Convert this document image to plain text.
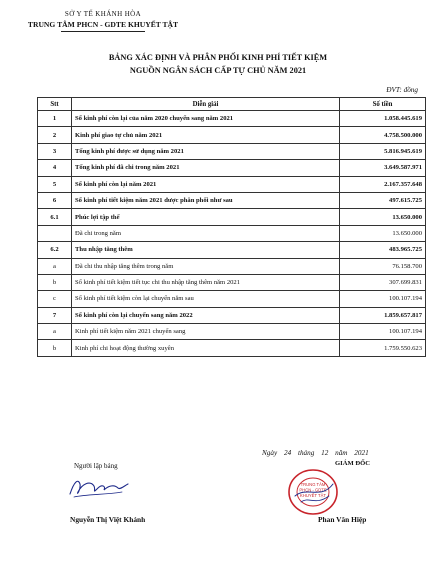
SỞ Y TẾ KHÁNH HÒA
TRUNG TÂM PHCN - GDTE KHUYẾT TẬT
BẢNG XÁC ĐỊNH VÀ PHÂN PHỐI KINH PHÍ TIẾT KIỆM
NGUỒN NGÂN SÁCH CẤP TỰ CHỦ NĂM 2021
ĐVT: đồng
Stt	Diễn giải	Số tiền
1	Số kinh phí còn lại của năm 2020 chuyển sang năm 2021	1.058.445.619
2	Kinh phí giao tự chủ năm 2021	4.758.500.000
3	Tổng kinh phí được sử dụng năm 2021	5.816.945.619
4	Tổng kinh phí đã chi trong năm 2021	3.649.587.971
5	Số kinh phí còn lại năm 2021	2.167.357.648
6	Số kinh phí tiết kiệm năm 2021 được phân phối như sau	497.615.725
6.1	Phúc lợi tập thể	13.650.000
	Đã chi trong năm	13.650.000
6.2	Thu nhập tăng thêm	483.965.725
a	Đã chi thu nhập tăng thêm trong năm	76.158.700
b	Số kinh phí tiết kiệm tiết tục chi thu nhập tăng thêm năm 2021	307.699.831
c	Số kinh phí tiết kiệm còn lại chuyển năm sau	100.107.194
7	Số kinh phí còn lại chuyển sang năm 2022	1.859.657.817
a	Kinh phí tiết kiệm năm 2021 chuyển sang	100.107.194
b	Kinh phí chi hoạt động thường xuyên	1.759.550.623
Ngày 24 tháng 12 năm 2021
Người lập bảng	GIÁM ĐỐC
TRUNG TÂM
PHCN - GDTE
KHUYẾT TẬT
Nguyễn Thị Việt Khánh	Phan Văn Hiệp
